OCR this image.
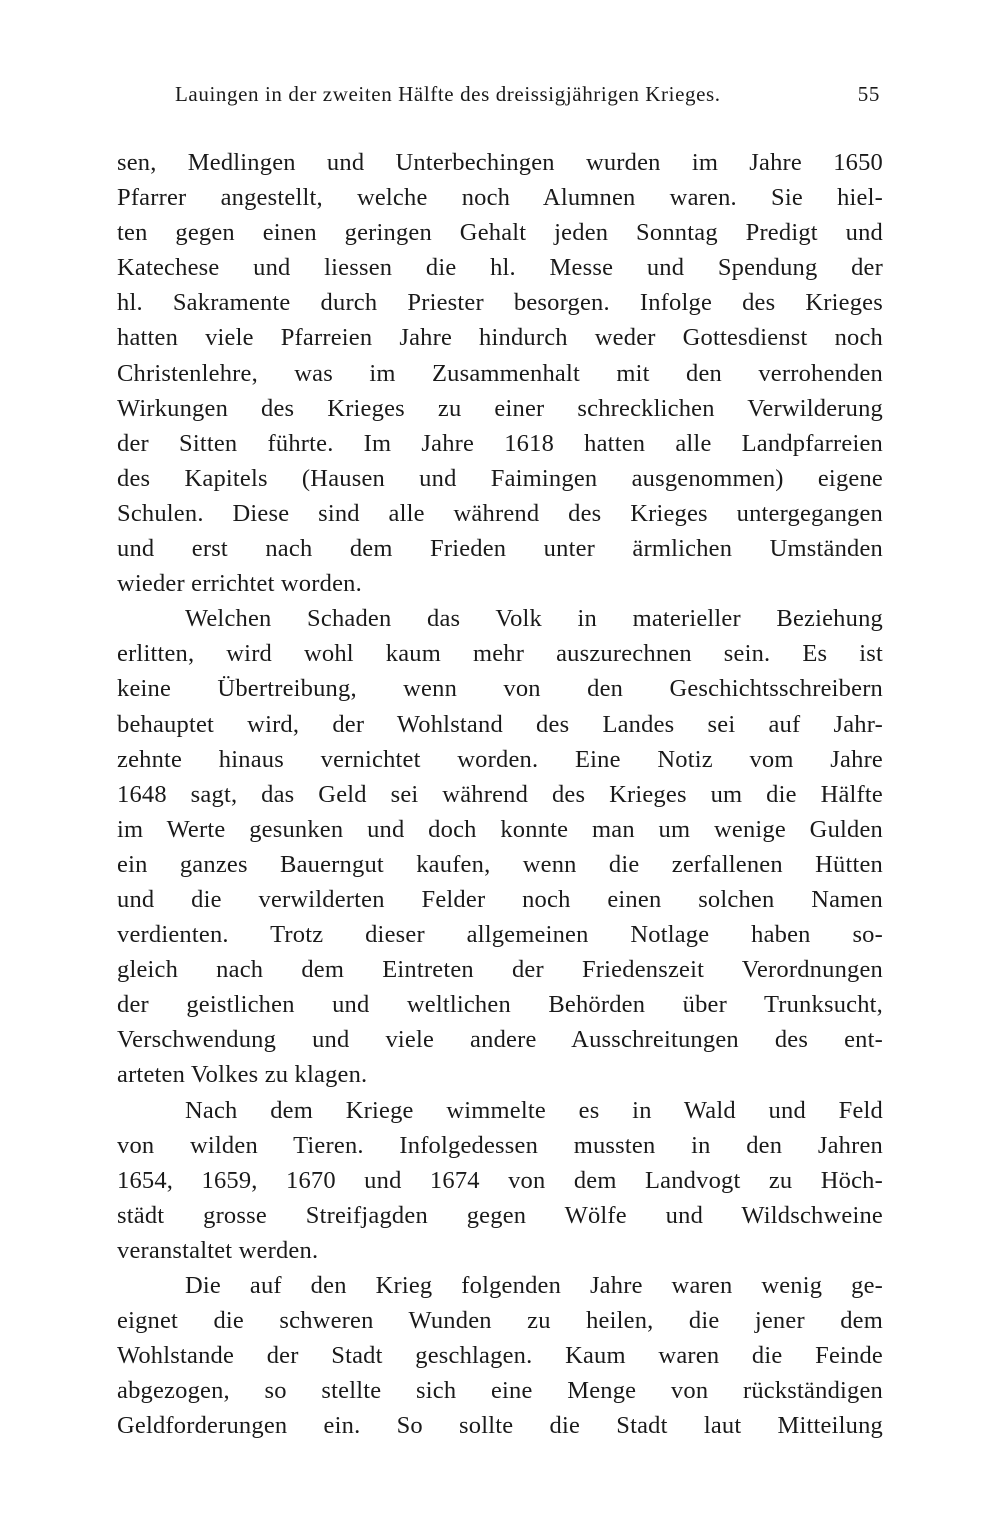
Lauingen in der zweiten Hälfte des dreissigjährigen Krieges.	55
sen, Medlingen und Unterbechingen wurden im Jahre 1650
Pfarrer angestellt, welche noch Alumnen waren. Sie hiel-
ten gegen einen geringen Gehalt jeden Sonntag Predigt und
Katechese und liessen die hl. Messe und Spendung der
hl. Sakramente durch Priester besorgen. Infolge des Krieges
hatten viele Pfarreien Jahre hindurch weder Gottesdienst noch
Christenlehre, was im Zusammenhalt mit den verrohenden
Wirkungen des Krieges zu einer schrecklichen Verwilderung
der Sitten führte. Im Jahre 1618 hatten alle Landpfarreien
des Kapitels (Hausen und Faimingen ausgenommen) eigene
Schulen. Diese sind alle während des Krieges untergegangen
und erst nach dem Frieden unter ärmlichen Umständen
wieder errichtet worden.
Welchen Schaden das Volk in materieller Beziehung
erlitten, wird wohl kaum mehr auszurechnen sein. Es ist
keine Übertreibung, wenn von den Geschichtsschreibern
behauptet wird, der Wohlstand des Landes sei auf Jahr-
zehnte hinaus vernichtet worden. Eine Notiz vom Jahre
1648 sagt, das Geld sei während des Krieges um die Hälfte
im Werte gesunken und doch konnte man um wenige Gulden
ein ganzes Bauerngut kaufen, wenn die zerfallenen Hütten
und die verwilderten Felder noch einen solchen Namen
verdienten. Trotz dieser allgemeinen Notlage haben so-
gleich nach dem Eintreten der Friedenszeit Verordnungen
der geistlichen und weltlichen Behörden über Trunksucht,
Verschwendung und viele andere Ausschreitungen des ent-
arteten Volkes zu klagen.
Nach dem Kriege wimmelte es in Wald und Feld
von wilden Tieren. Infolgedessen mussten in den Jahren
1654, 1659, 1670 und 1674 von dem Landvogt zu Höch-
städt grosse Streifjagden gegen Wölfe und Wildschweine
veranstaltet werden.
Die auf den Krieg folgenden Jahre waren wenig ge-
eignet die schweren Wunden zu heilen, die jener dem
Wohlstande der Stadt geschlagen. Kaum waren die Feinde
abgezogen, so stellte sich eine Menge von rückständigen
Geldforderungen ein. So sollte die Stadt laut Mitteilung
